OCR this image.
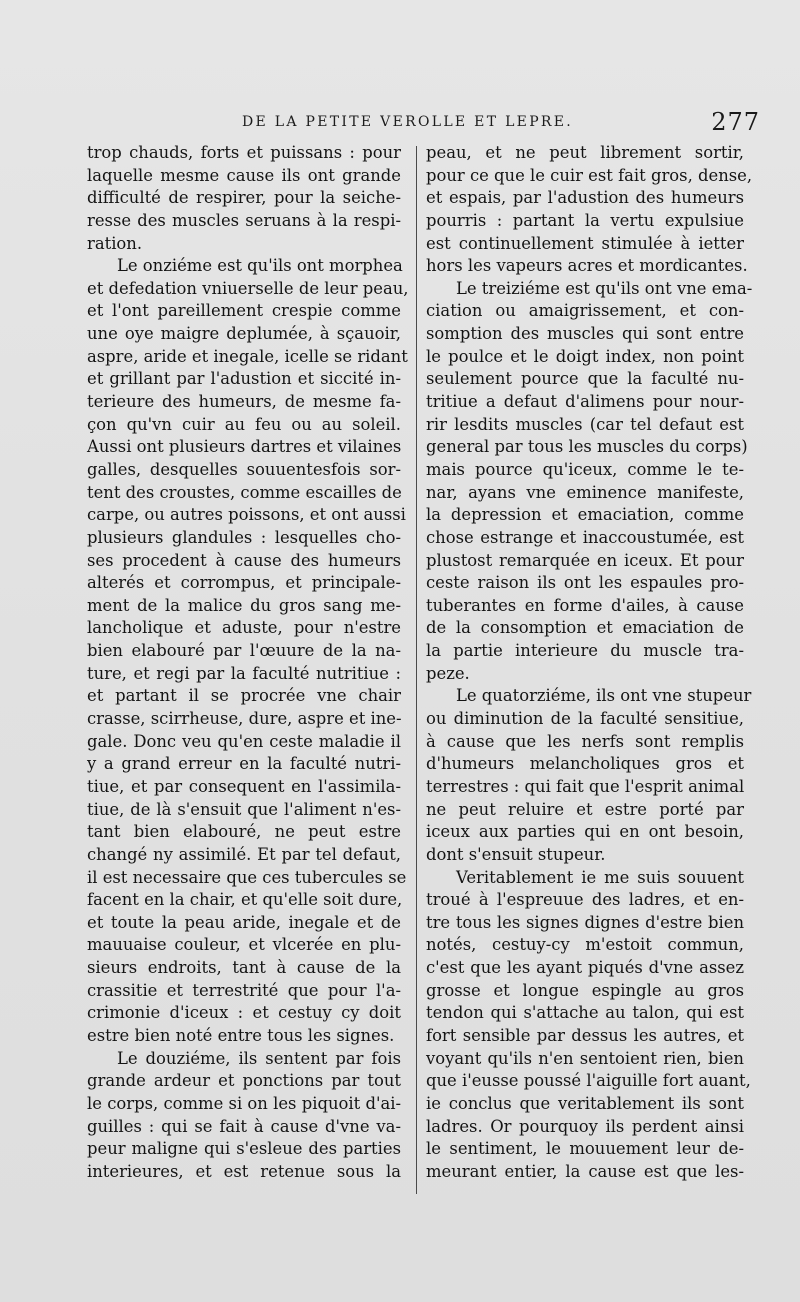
DE LA PETITE VEROLLE ET LEPRE.	277
trop chauds, forts et puissans : pour
laquelle mesme cause ils ont grande
difficulté de respirer, pour la seiche-
resse des muscles seruans à la respi-
ration.
Le onziéme est qu'ils ont morphea
et defedation vniuerselle de leur peau,
et l'ont pareillement crespie comme
une oye maigre deplumée, à sçauoir,
aspre, aride et inegale, icelle se ridant
et grillant par l'adustion et siccité in-
terieure des humeurs, de mesme fa-
çon qu'vn cuir au feu ou au soleil.
Aussi ont plusieurs dartres et vilaines
galles, desquelles souuentesfois sor-
tent des croustes, comme escailles de
carpe, ou autres poissons, et ont aussi
plusieurs glandules : lesquelles cho-
ses procedent à cause des humeurs
alterés et corrompus, et principale-
ment de la malice du gros sang me-
lancholique et aduste, pour n'estre
bien elabouré par l'œuure de la na-
ture, et regi par la faculté nutritiue :
et partant il se procrée vne chair
crasse, scirrheuse, dure, aspre et ine-
gale. Donc veu qu'en ceste maladie il
y a grand erreur en la faculté nutri-
tiue, et par consequent en l'assimila-
tiue, de là s'ensuit que l'aliment n'es-
tant bien elabouré, ne peut estre
changé ny assimilé. Et par tel defaut,
il est necessaire que ces tubercules se
facent en la chair, et qu'elle soit dure,
et toute la peau aride, inegale et de
mauuaise couleur, et vlcerée en plu-
sieurs endroits, tant à cause de la
crassitie et terrestrité que pour l'a-
crimonie d'iceux : et cestuy cy doit
estre bien noté entre tous les signes.
Le douziéme, ils sentent par fois
grande ardeur et ponctions par tout
le corps, comme si on les piquoit d'ai-
guilles : qui se fait à cause d'vne va-
peur maligne qui s'esleue des parties
interieures, et est retenue sous la
peau, et ne peut librement sortir,
pour ce que le cuir est fait gros, dense,
et espais, par l'adustion des humeurs
pourris : partant la vertu expulsiue
est continuellement stimulée à ietter
hors les vapeurs acres et mordicantes.
Le treiziéme est qu'ils ont vne ema-
ciation ou amaigrissement, et con-
somption des muscles qui sont entre
le poulce et le doigt index, non point
seulement pource que la faculté nu-
tritiue a defaut d'alimens pour nour-
rir lesdits muscles (car tel defaut est
general par tous les muscles du corps)
mais pource qu'iceux, comme le te-
nar, ayans vne eminence manifeste,
la depression et emaciation, comme
chose estrange et inaccoustumée, est
plustost remarquée en iceux. Et pour
ceste raison ils ont les espaules pro-
tuberantes en forme d'ailes, à cause
de la consomption et emaciation de
la partie interieure du muscle tra-
peze.
Le quatorziéme, ils ont vne stupeur
ou diminution de la faculté sensitiue,
à cause que les nerfs sont remplis
d'humeurs melancholiques gros et
terrestres : qui fait que l'esprit animal
ne peut reluire et estre porté par
iceux aux parties qui en ont besoin,
dont s'ensuit stupeur.
Veritablement ie me suis souuent
troué à l'espreuue des ladres, et en-
tre tous les signes dignes d'estre bien
notés, cestuy-cy m'estoit commun,
c'est que les ayant piqués d'vne assez
grosse et longue espingle au gros
tendon qui s'attache au talon, qui est
fort sensible par dessus les autres, et
voyant qu'ils n'en sentoient rien, bien
que i'eusse poussé l'aiguille fort auant,
ie conclus que veritablement ils sont
ladres. Or pourquoy ils perdent ainsi
le sentiment, le mouuement leur de-
meurant entier, la cause est que les-
